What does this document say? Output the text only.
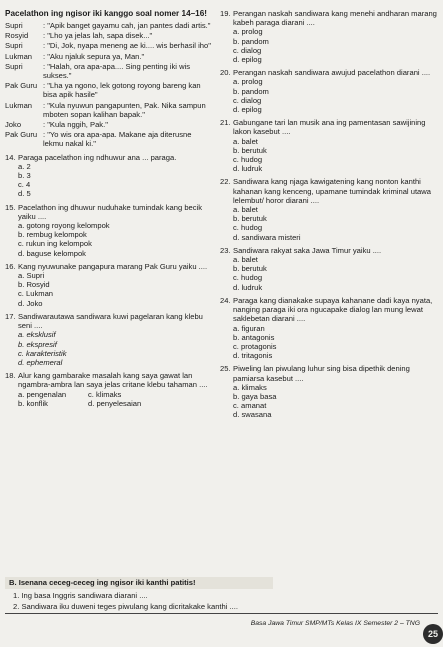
Pacelathon ing ngisor iki kanggo soal nomer 14–16!
Supri	: "Apik banget gayamu cah, jan pantes dadi artis."
Rosyid	: "Lho ya jelas lah, sapa disek..."
Supri	: "Di, Jok, nyapa meneng ae ki.... wis berhasil iho"
Lukman	: "Aku njaluk sepura ya, Man."
Supri	: "Halah, ora apa-apa.... Sing penting iki wis sukses."
Pak Guru : "Lha ya ngono, lek gotong royong bareng kan bisa apik hasile"
Lukman	: "Kula nyuwun pangapunten, Pak. Nika sampun mboten sopan kalihan bapak."
Joko	: "Kula nggih, Pak."
Pak Guru : "Yo wis ora apa-apa. Makane aja diterusne lekmu nakal ki."
14. Paraga pacelathon ing ndhuwur ana ... paraga.
a. 2
b. 3
c. 4
d. 5
15. Pacelathon ing dhuwur nuduhake tumindak kang becik yaiku ....
a. gotong royong kelompok
b. rembug kelompok
c. rukun ing kelompok
d. baguse kelompok
16. Kang nyuwunake pangapura marang Pak Guru yaiku ....
a. Supri
b. Rosyid
c. Lukman
d. Joko
17. Sandiwarautawa sandiwara kuwi pagelaran kang klebu seni ....
a. eksklusif
b. ekspresif
c. karakteristik
d. ephemeral
18. Alur kang gambarake masalah kang saya gawat lan ngambra-ambra lan saya jelas critane klebu tahaman ....
a. pengenalan	c. klimaks
b. konflik	d. penyelesaian
19. Perangan naskah sandiwara kang menehi andharan marang kabeh paraga diarani ....
a. prolog
b. pandom
c. dialog
d. epilog
20. Perangan naskah sandiwara awujud pacelathon diarani ....
a. prolog
b. pandom
c. dialog
d. epilog
21. Gabungane tari lan musik ana ing pamentasan sawijining lakon kasebut ....
a. balet
b. berutuk
c. hudog
d. ludruk
22. Sandiwara kang njaga kawigatening kang nonton kanthi kahanan kang kenceng, upamane tumindak kriminal utawa lelembut/ horor diarani ....
a. balet
b. berutuk
c. hudog
d. sandiwara misteri
23. Sandiwara rakyat saka Jawa Timur yaiku ....
a. balet
b. berutuk
c. hudog
d. ludruk
24. Paraga kang dianakake supaya kahanane dadi kaya nyata, nanging paraga iki ora ngucapake dialog lan mung lewat saklebetan diarani ....
a. figuran
b. antagonis
c. protagonis
d. tritagonis
25. Piweling lan piwulang luhur sing bisa dipethik dening pamiarsa kasebut ....
a. klimaks
b. gaya basa
c. amanat
d. swasana
B. Isenana ceceg-ceceg ing ngisor iki kanthi patitis!
1. Ing basa Inggris sandiwara diarani ....
2. Sandiwara iku duweni teges piwulang kang dicritakake kanthi ....
Basa Jawa Timur SMP/MTs Kelas IX Semester 2 – TNG
25
